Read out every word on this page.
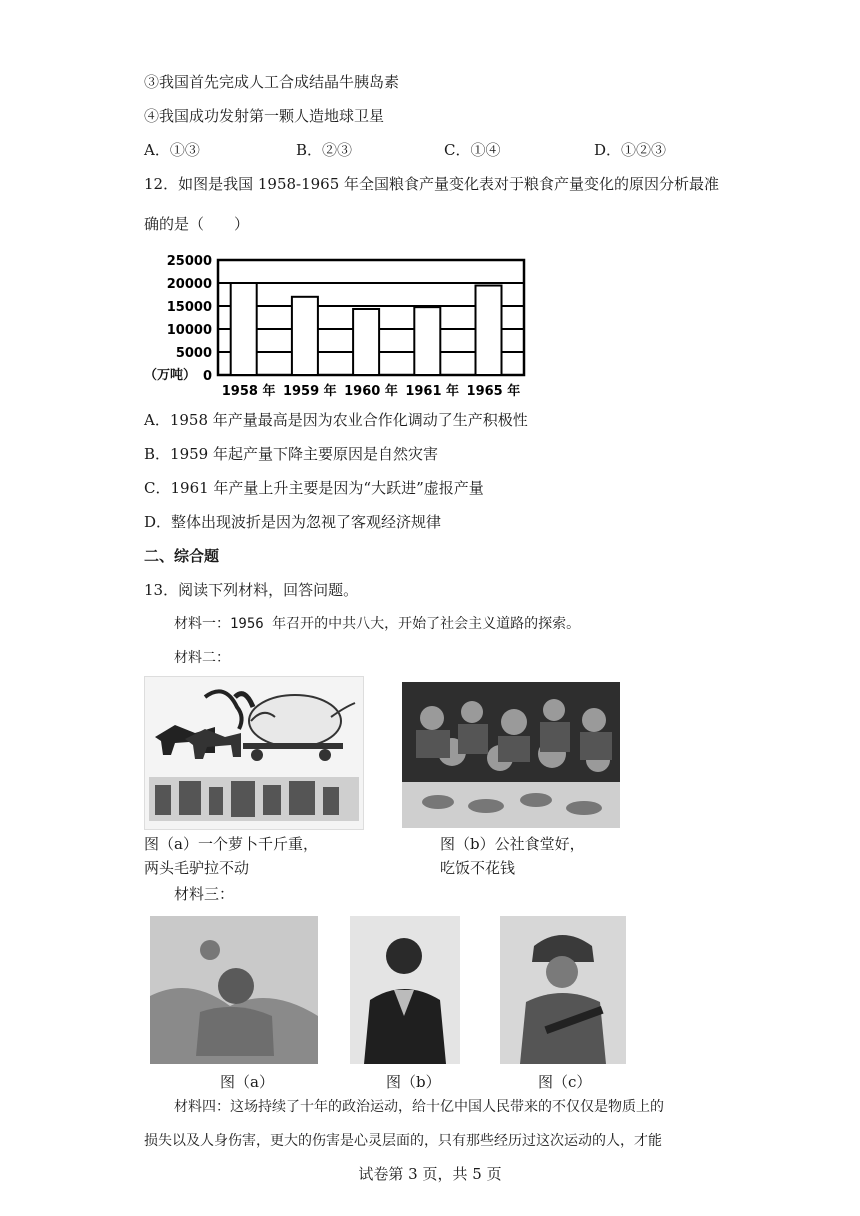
③我国首先完成人工合成结晶牛胰岛素
④我国成功发射第一颗人造地球卫星
A．①③	B．②③	C．①④	D．①②③
12．如图是我国 1958-1965 年全国粮食产量变化表对于粮食产量变化的原因分析最准
确的是（　　）
25000
20000
15000
10000
5000
0
1958 年 1959 年 1960 年 1961 年 1965 年
（万吨）
A．1958 年产量最高是因为农业合作化调动了生产积极性
B．1959 年起产量下降主要原因是自然灾害
C．1961 年产量上升主要是因为“大跃进”虚报产量
D．整体出现波折是因为忽视了客观经济规律
二、综合题
13．阅读下列材料，回答问题。
材料一：1956 年召开的中共八大，开始了社会主义道路的探索。
材料二：
图（a）一个萝卜千斤重，
两头毛驴拉不动
图（b）公社食堂好，
吃饭不花钱
材料三：
图（a）	图（b）	图（c）
材料四：这场持续了十年的政治运动，给十亿中国人民带来的不仅仅是物质上的
损失以及人身伤害，更大的伤害是心灵层面的，只有那些经历过这次运动的人，才能
试卷第 3 页，共 5 页
